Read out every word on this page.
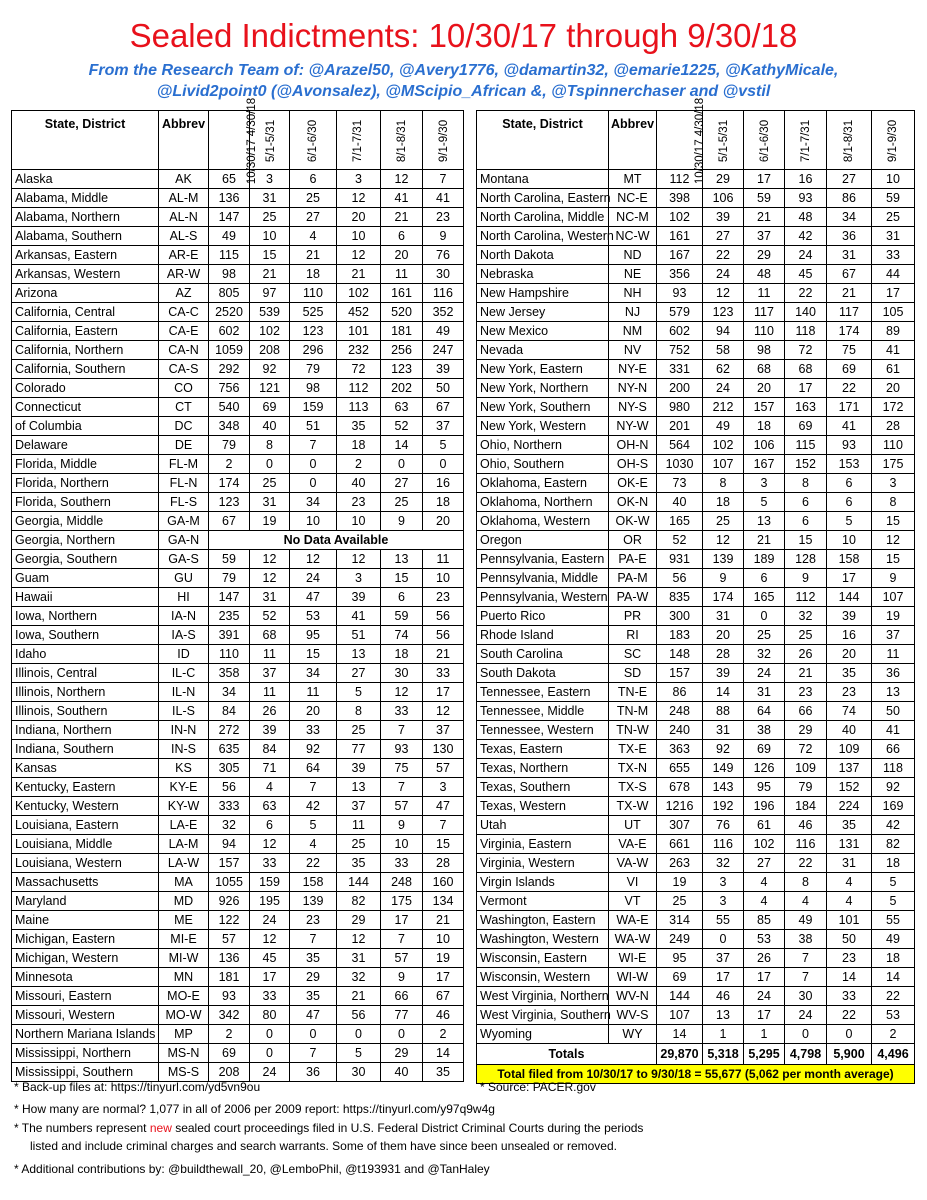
Sealed Indictments: 10/30/17 through 9/30/18
From the Research Team of: @Arazel50, @Avery1776, @damartin32, @emarie1225, @KathyMicale,
@Livid2point0 (@Avonsalez), @MScipio_African &, @Tspinnerchaser and @vstil
State, District	Abbrev	10/30/17 4/30/18	5/1-5/31	6/1-6/30	7/1-7/31	8/1-8/31	9/1-9/30
Alaska	AK	65	3	6	3	12	7
Alabama, Middle	AL-M	136	31	25	12	41	41
Alabama, Northern	AL-N	147	25	27	20	21	23
Alabama, Southern	AL-S	49	10	4	10	6	9
Arkansas, Eastern	AR-E	115	15	21	12	20	76
Arkansas, Western	AR-W	98	21	18	21	11	30
Arizona	AZ	805	97	110	102	161	116
California, Central	CA-C	2520	539	525	452	520	352
California, Eastern	CA-E	602	102	123	101	181	49
California, Northern	CA-N	1059	208	296	232	256	247
California, Southern	CA-S	292	92	79	72	123	39
Colorado	CO	756	121	98	112	202	50
Connecticut	CT	540	69	159	113	63	67
of Columbia	DC	348	40	51	35	52	37
Delaware	DE	79	8	7	18	14	5
Florida, Middle	FL-M	2	0	0	2	0	0
Florida, Northern	FL-N	174	25	0	40	27	16
Florida, Southern	FL-S	123	31	34	23	25	18
Georgia, Middle	GA-M	67	19	10	10	9	20
Georgia, Northern	GA-N	No Data Available					
Georgia, Southern	GA-S	59	12	12	12	13	11
Guam	GU	79	12	24	3	15	10
Hawaii	HI	147	31	47	39	6	23
Iowa, Northern	IA-N	235	52	53	41	59	56
Iowa, Southern	IA-S	391	68	95	51	74	56
Idaho	ID	110	11	15	13	18	21
Illinois, Central	IL-C	358	37	34	27	30	33
Illinois, Northern	IL-N	34	11	11	5	12	17
Illinois, Southern	IL-S	84	26	20	8	33	12
Indiana, Northern	IN-N	272	39	33	25	7	37
Indiana, Southern	IN-S	635	84	92	77	93	130
Kansas	KS	305	71	64	39	75	57
Kentucky, Eastern	KY-E	56	4	7	13	7	3
Kentucky, Western	KY-W	333	63	42	37	57	47
Louisiana, Eastern	LA-E	32	6	5	11	9	7
Louisiana, Middle	LA-M	94	12	4	25	10	15
Louisiana, Western	LA-W	157	33	22	35	33	28
Massachusetts	MA	1055	159	158	144	248	160
Maryland	MD	926	195	139	82	175	134
Maine	ME	122	24	23	29	17	21
Michigan, Eastern	MI-E	57	12	7	12	7	10
Michigan, Western	MI-W	136	45	35	31	57	19
Minnesota	MN	181	17	29	32	9	17
Missouri, Eastern	MO-E	93	33	35	21	66	67
Missouri, Western	MO-W	342	80	47	56	77	46
Northern Mariana Islands	MP	2	0	0	0	0	2
Mississippi, Northern	MS-N	69	0	7	5	29	14
Mississippi, Southern	MS-S	208	24	36	30	40	35
State, District	Abbrev	10/30/17 4/30/18	5/1-5/31	6/1-6/30	7/1-7/31	8/1-8/31	9/1-9/30
Montana	MT	112	29	17	16	27	10
North Carolina, Eastern	NC-E	398	106	59	93	86	59
North Carolina, Middle	NC-M	102	39	21	48	34	25
North Carolina, Western	NC-W	161	27	37	42	36	31
North Dakota	ND	167	22	29	24	31	33
Nebraska	NE	356	24	48	45	67	44
New Hampshire	NH	93	12	11	22	21	17
New Jersey	NJ	579	123	117	140	117	105
New Mexico	NM	602	94	110	118	174	89
Nevada	NV	752	58	98	72	75	41
New York, Eastern	NY-E	331	62	68	68	69	61
New York, Northern	NY-N	200	24	20	17	22	20
New York, Southern	NY-S	980	212	157	163	171	172
New York, Western	NY-W	201	49	18	69	41	28
Ohio, Northern	OH-N	564	102	106	115	93	110
Ohio, Southern	OH-S	1030	107	167	152	153	175
Oklahoma, Eastern	OK-E	73	8	3	8	6	3
Oklahoma, Northern	OK-N	40	18	5	6	6	8
Oklahoma, Western	OK-W	165	25	13	6	5	15
Oregon	OR	52	12	21	15	10	12
Pennsylvania, Eastern	PA-E	931	139	189	128	158	15
Pennsylvania, Middle	PA-M	56	9	6	9	17	9
Pennsylvania, Western	PA-W	835	174	165	112	144	107
Puerto Rico	PR	300	31	0	32	39	19
Rhode Island	RI	183	20	25	25	16	37
South Carolina	SC	148	28	32	26	20	11
South Dakota	SD	157	39	24	21	35	36
Tennessee, Eastern	TN-E	86	14	31	23	23	13
Tennessee, Middle	TN-M	248	88	64	66	74	50
Tennessee, Western	TN-W	240	31	38	29	40	41
Texas, Eastern	TX-E	363	92	69	72	109	66
Texas, Northern	TX-N	655	149	126	109	137	118
Texas, Southern	TX-S	678	143	95	79	152	92
Texas, Western	TX-W	1216	192	196	184	224	169
Utah	UT	307	76	61	46	35	42
Virginia, Eastern	VA-E	661	116	102	116	131	82
Virginia, Western	VA-W	263	32	27	22	31	18
Virgin Islands	VI	19	3	4	8	4	5
Vermont	VT	25	3	4	4	4	5
Washington, Eastern	WA-E	314	55	85	49	101	55
Washington, Western	WA-W	249	0	53	38	50	49
Wisconsin, Eastern	WI-E	95	37	26	7	23	18
Wisconsin, Western	WI-W	69	17	17	7	14	14
West Virginia, Northern	WV-N	144	46	24	30	33	22
West Virginia, Southern	WV-S	107	13	17	24	22	53
Wyoming	WY	14	1	1	0	0	2
Totals		29,870	5,318	5,295	4,798	5,900	4,496
Total filed from 10/30/17 to 9/30/18 = 55,677 (5,062 per month average)							
* Back-up files at: https://tinyurl.com/yd5vn9ou	* Source: PACER.gov
* How many are normal? 1,077 in all of 2006 per 2009 report: https://tinyurl.com/y97q9w4g
* The numbers represent new sealed court proceedings filed in U.S. Federal District Criminal Courts during the periods
listed and include criminal charges and search warrants. Some of them have since been unsealed or removed.
* Additional contributions by: @buildthewall_20, @LemboPhil, @t193931 and @TanHaley
